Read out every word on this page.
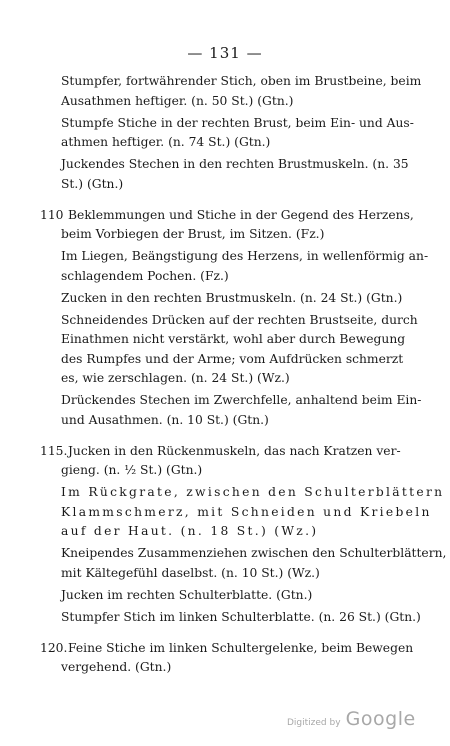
— 131 —
Stumpfer, fortwährender Stich, oben im Brustbeine, beim
Ausathmen heftiger. (n. 50 St.) (Gtn.)
Stumpfe Stiche in der rechten Brust, beim Ein- und Aus-
athmen heftiger. (n. 74 St.) (Gtn.)
Juckendes Stechen in den rechten Brustmuskeln. (n. 35
St.) (Gtn.)
110 Beklemmungen und Stiche in der Gegend des Herzens,
beim Vorbiegen der Brust, im Sitzen. (Fz.)
Im Liegen, Beängstigung des Herzens, in wellenförmig an-
schlagendem Pochen. (Fz.)
Zucken in den rechten Brustmuskeln. (n. 24 St.) (Gtn.)
Schneidendes Drücken auf der rechten Brustseite, durch
Einathmen nicht verstärkt, wohl aber durch Bewegung
des Rumpfes und der Arme; vom Aufdrücken schmerzt
es, wie zerschlagen. (n. 24 St.) (Wz.)
Drückendes Stechen im Zwerchfelle, anhaltend beim Ein-
und Ausathmen. (n. 10 St.) (Gtn.)
115.Jucken in den Rückenmuskeln, das nach Kratzen ver-
gieng. (n. ½ St.) (Gtn.)
Im Rückgrate, zwischen den Schulterblättern
Klammschmerz, mit Schneiden und Kriebeln
auf der Haut. (n. 18 St.) (Wz.)
Kneipendes Zusammenziehen zwischen den Schulterblättern,
mit Kältegefühl daselbst. (n. 10 St.) (Wz.)
Jucken im rechten Schulterblatte. (Gtn.)
Stumpfer Stich im linken Schulterblatte. (n. 26 St.) (Gtn.)
120.Feine Stiche im linken Schultergelenke, beim Bewegen
vergehend. (Gtn.)
Digitized by Google
